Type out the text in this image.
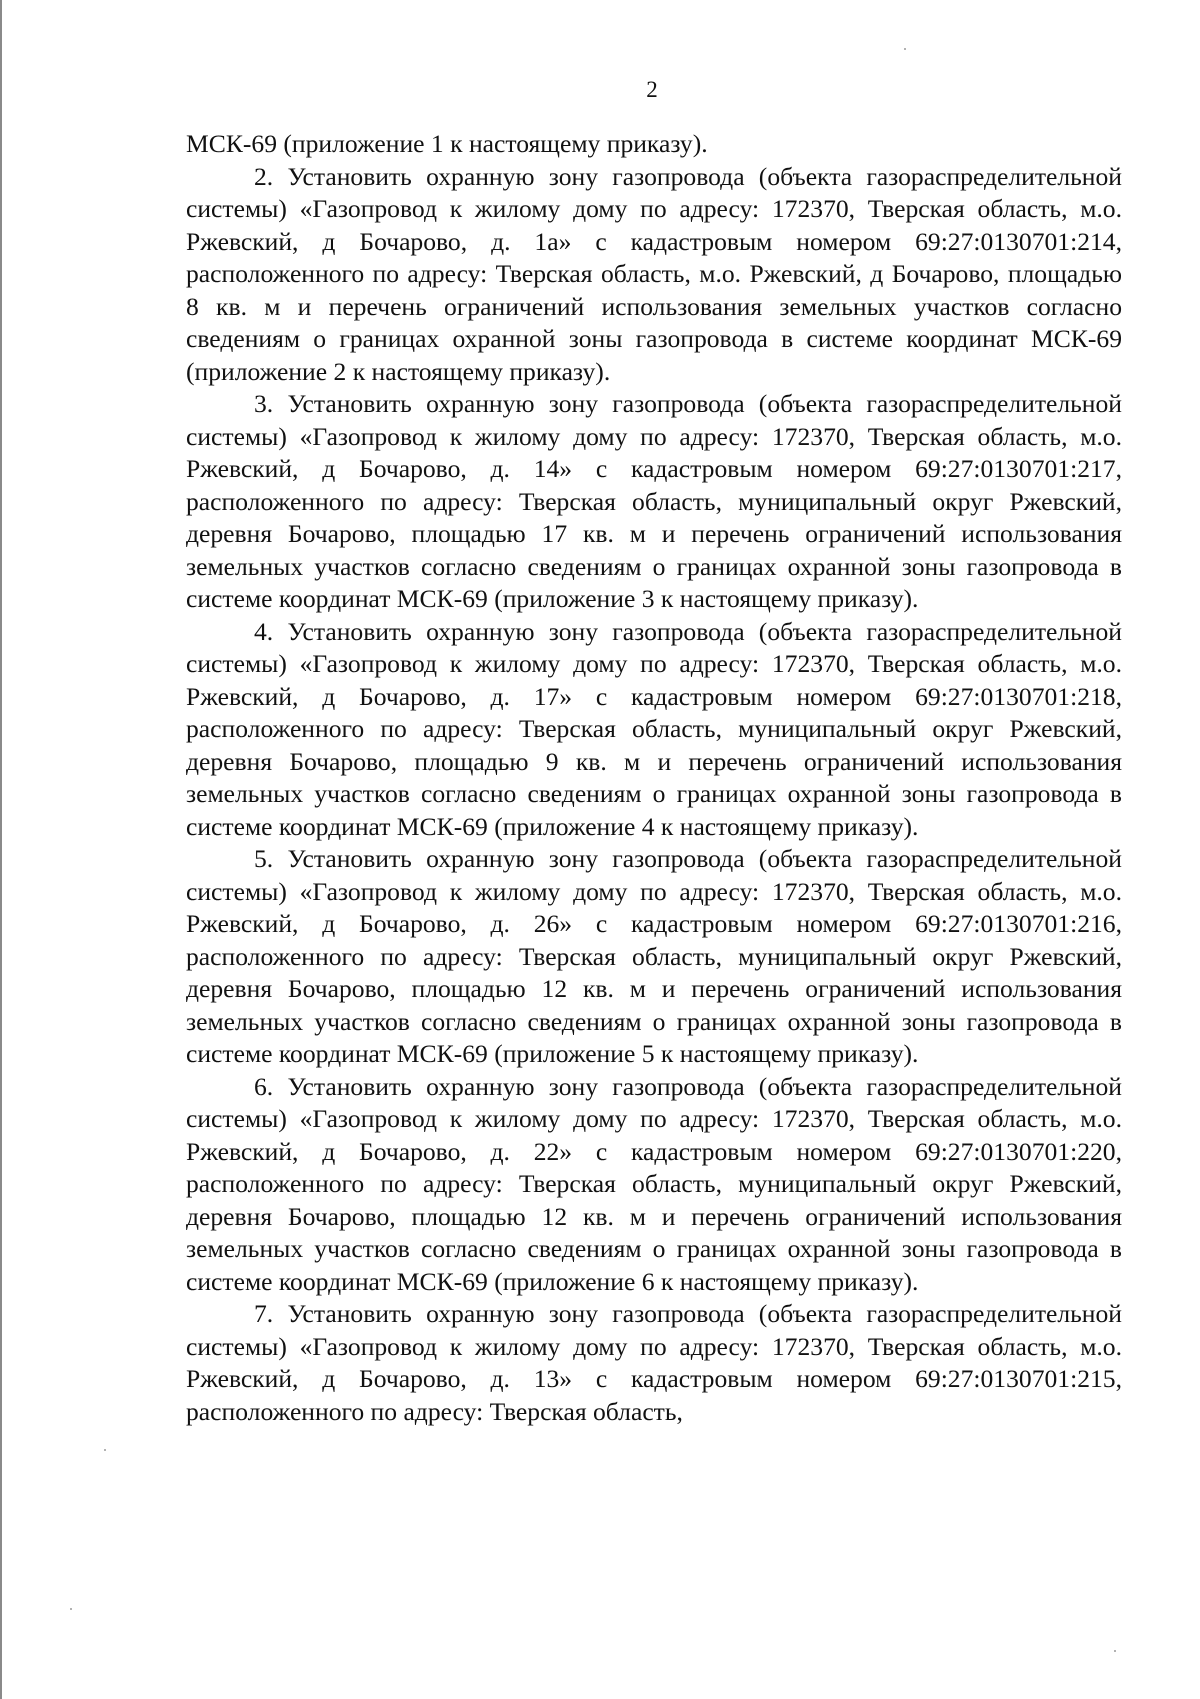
2

МСК-69 (приложение 1 к настоящему приказу).

2. Установить охранную зону газопровода (объекта газораспределительной системы) «Газопровод к жилому дому по адресу: 172370, Тверская область, м.о. Ржевский, д Бочарово, д. 1а» с кадастровым номером 69:27:0130701:214, расположенного по адресу: Тверская область, м.о. Ржевский, д Бочарово, площадью 8 кв. м и перечень ограничений использования земельных участков согласно сведениям о границах охранной зоны газопровода в системе координат МСК-69 (приложение 2 к настоящему приказу).

3. Установить охранную зону газопровода (объекта газораспределительной системы) «Газопровод к жилому дому по адресу: 172370, Тверская область, м.о. Ржевский, д Бочарово, д. 14» с кадастровым номером 69:27:0130701:217, расположенного по адресу: Тверская область, муниципальный округ Ржевский, деревня Бочарово, площадью 17 кв. м и перечень ограничений использования земельных участков согласно сведениям о границах охранной зоны газопровода в системе координат МСК-69 (приложение 3 к настоящему приказу).

4. Установить охранную зону газопровода (объекта газораспределительной системы) «Газопровод к жилому дому по адресу: 172370, Тверская область, м.о. Ржевский, д Бочарово, д. 17» с кадастровым номером 69:27:0130701:218, расположенного по адресу: Тверская область, муниципальный округ Ржевский, деревня Бочарово, площадью 9 кв. м и перечень ограничений использования земельных участков согласно сведениям о границах охранной зоны газопровода в системе координат МСК-69 (приложение 4 к настоящему приказу).

5. Установить охранную зону газопровода (объекта газораспределительной системы) «Газопровод к жилому дому по адресу: 172370, Тверская область, м.о. Ржевский, д Бочарово, д. 26» с кадастровым номером 69:27:0130701:216, расположенного по адресу: Тверская область, муниципальный округ Ржевский, деревня Бочарово, площадью 12 кв. м и перечень ограничений использования земельных участков согласно сведениям о границах охранной зоны газопровода в системе координат МСК-69 (приложение 5 к настоящему приказу).

6. Установить охранную зону газопровода (объекта газораспределительной системы) «Газопровод к жилому дому по адресу: 172370, Тверская область, м.о. Ржевский, д Бочарово, д. 22» с кадастровым номером 69:27:0130701:220, расположенного по адресу: Тверская область, муниципальный округ Ржевский, деревня Бочарово, площадью 12 кв. м и перечень ограничений использования земельных участков согласно сведениям о границах охранной зоны газопровода в системе координат МСК-69 (приложение 6 к настоящему приказу).

7. Установить охранную зону газопровода (объекта газораспределительной системы) «Газопровод к жилому дому по адресу: 172370, Тверская область, м.о. Ржевский, д Бочарово, д. 13» с кадастровым номером 69:27:0130701:215, расположенного по адресу: Тверская область,
